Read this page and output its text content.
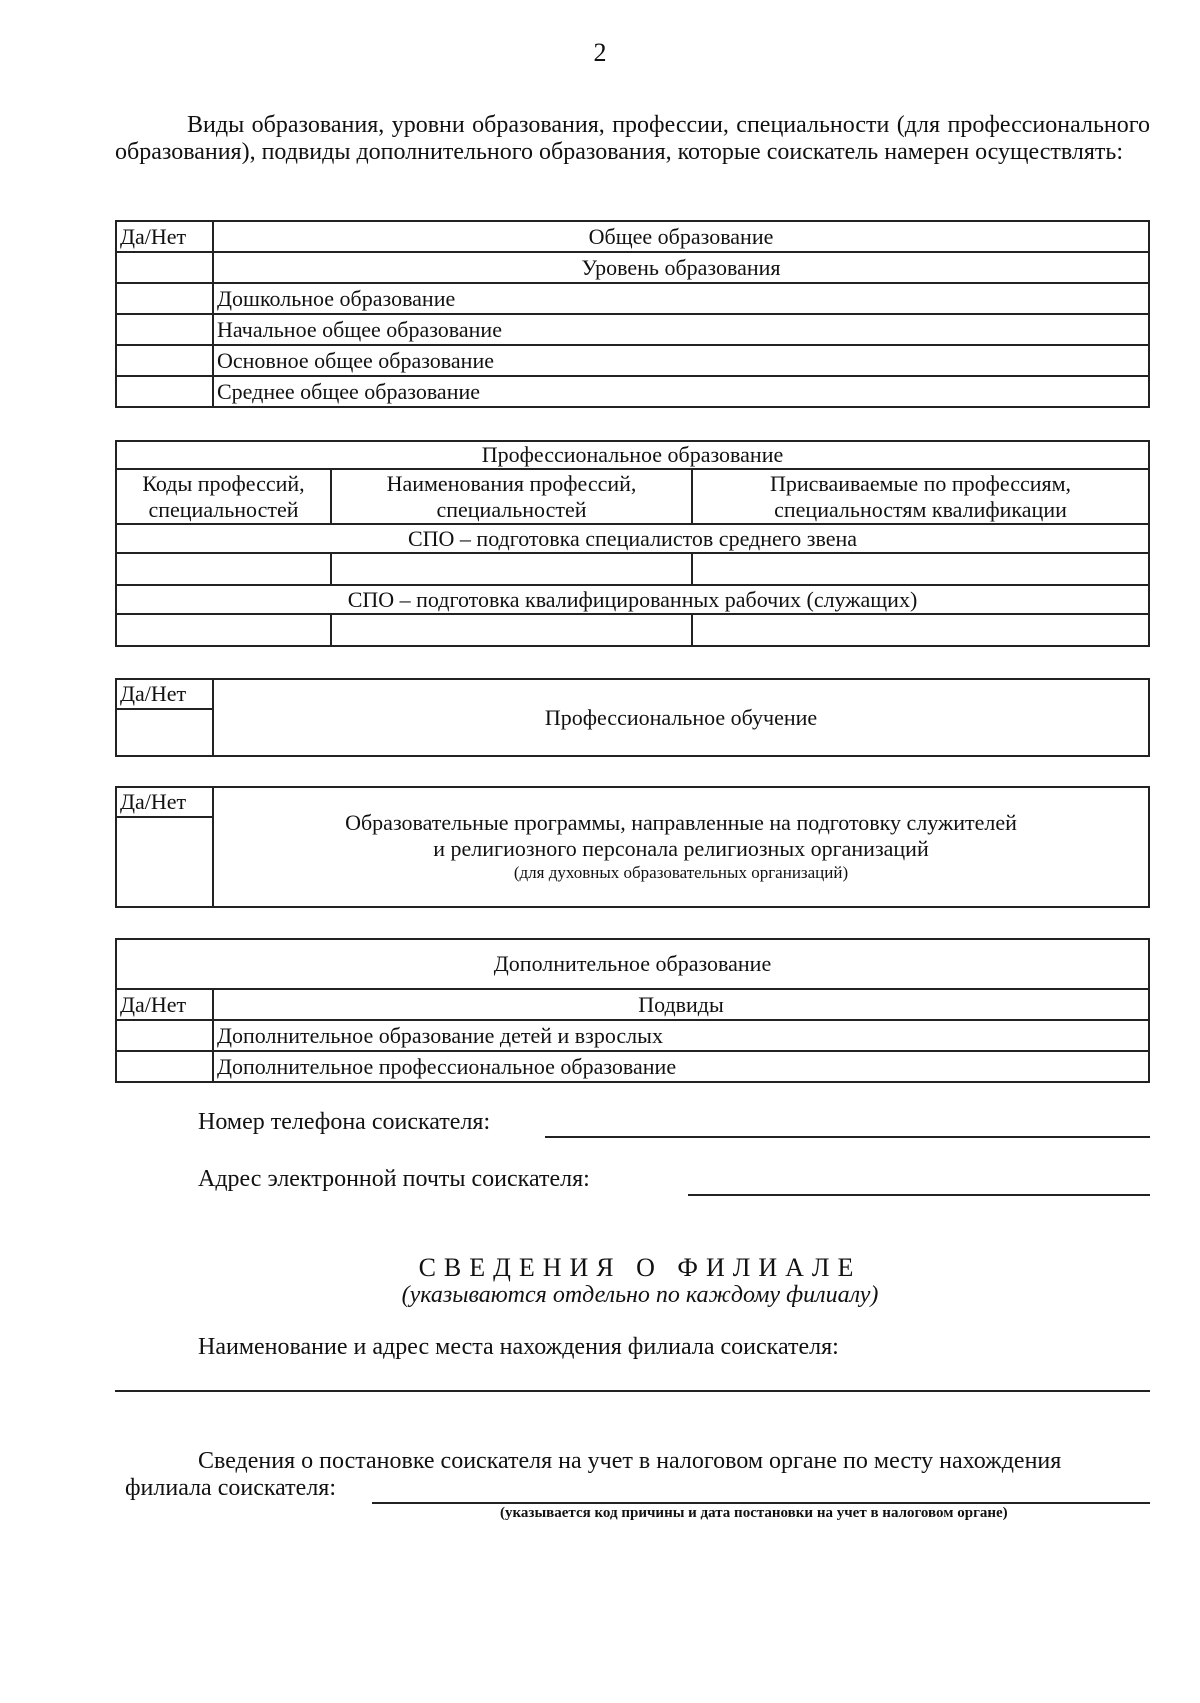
2
Виды образования, уровни образования, профессии, специальности (для профессионального образования), подвиды дополнительного образования, которые соискатель намерен осуществлять:
Да/Нет	Общее образование
	Уровень образования
	Дошкольное образование
	Начальное общее образование
	Основное общее образование
	Среднее общее образование
Профессиональное образование		
Коды профессий, специальностей	Наименования профессий, специальностей	Присваиваемые по профессиям, специальностям квалификации
СПО – подготовка специалистов среднего звена		

СПО – подготовка квалифицированных рабочих (служащих)		

Да/Нет
	Профессиональное обучение
Да/Нет

Образовательные программы, направленные на подготовку служителей
и религиозного персонала религиозных организаций
(для духовных образовательных организаций)
Дополнительное образование	
Да/Нет	Подвиды
	Дополнительное образование детей и взрослых
	Дополнительное профессиональное образование
Номер телефона соискателя:
Адрес электронной почты соискателя:
СВЕДЕНИЯ О ФИЛИАЛЕ
(указываются отдельно по каждому филиалу)
Наименование и адрес места нахождения филиала соискателя:
Сведения о постановке соискателя на учет в налоговом органе по месту нахождения
филиала соискателя:
(указывается код причины и дата постановки на учет в налоговом органе)
